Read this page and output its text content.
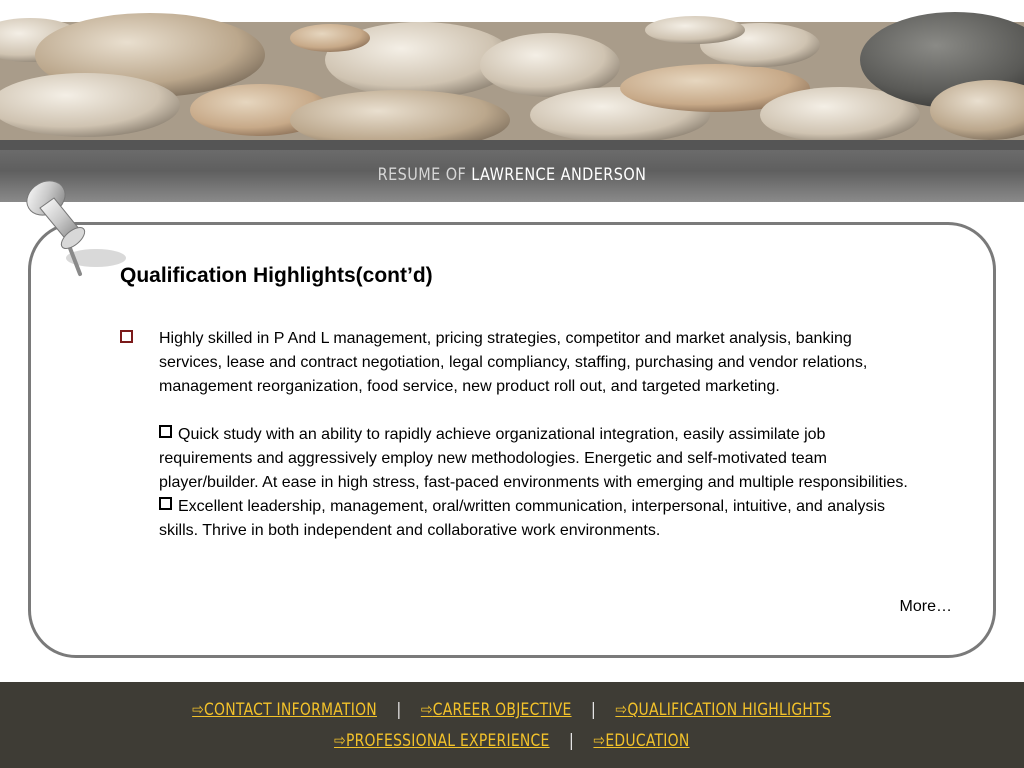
RESUME OF LAWRENCE ANDERSON
Qualification Highlights(cont’d)

Highly skilled in P And L management, pricing strategies, competitor and market analysis, banking services, lease and contract negotiation, legal compliancy, staffing, purchasing and vendor relations, management reorganization, food service, new product roll out, and targeted marketing.

Quick study with an ability to rapidly achieve organizational integration, easily assimilate job requirements and aggressively employ new methodologies. Energetic and self-motivated team player/builder. At ease in high stress, fast-paced environments with emerging and multiple responsibilities.

Excellent leadership, management, oral/written communication, interpersonal, intuitive, and analysis skills. Thrive in both independent and collaborative work environments.

More…
⇨CONTACT INFORMATION | ⇨CAREER OBJECTIVE | ⇨QUALIFICATION HIGHLIGHTS
⇨PROFESSIONAL EXPERIENCE | ⇨EDUCATION
